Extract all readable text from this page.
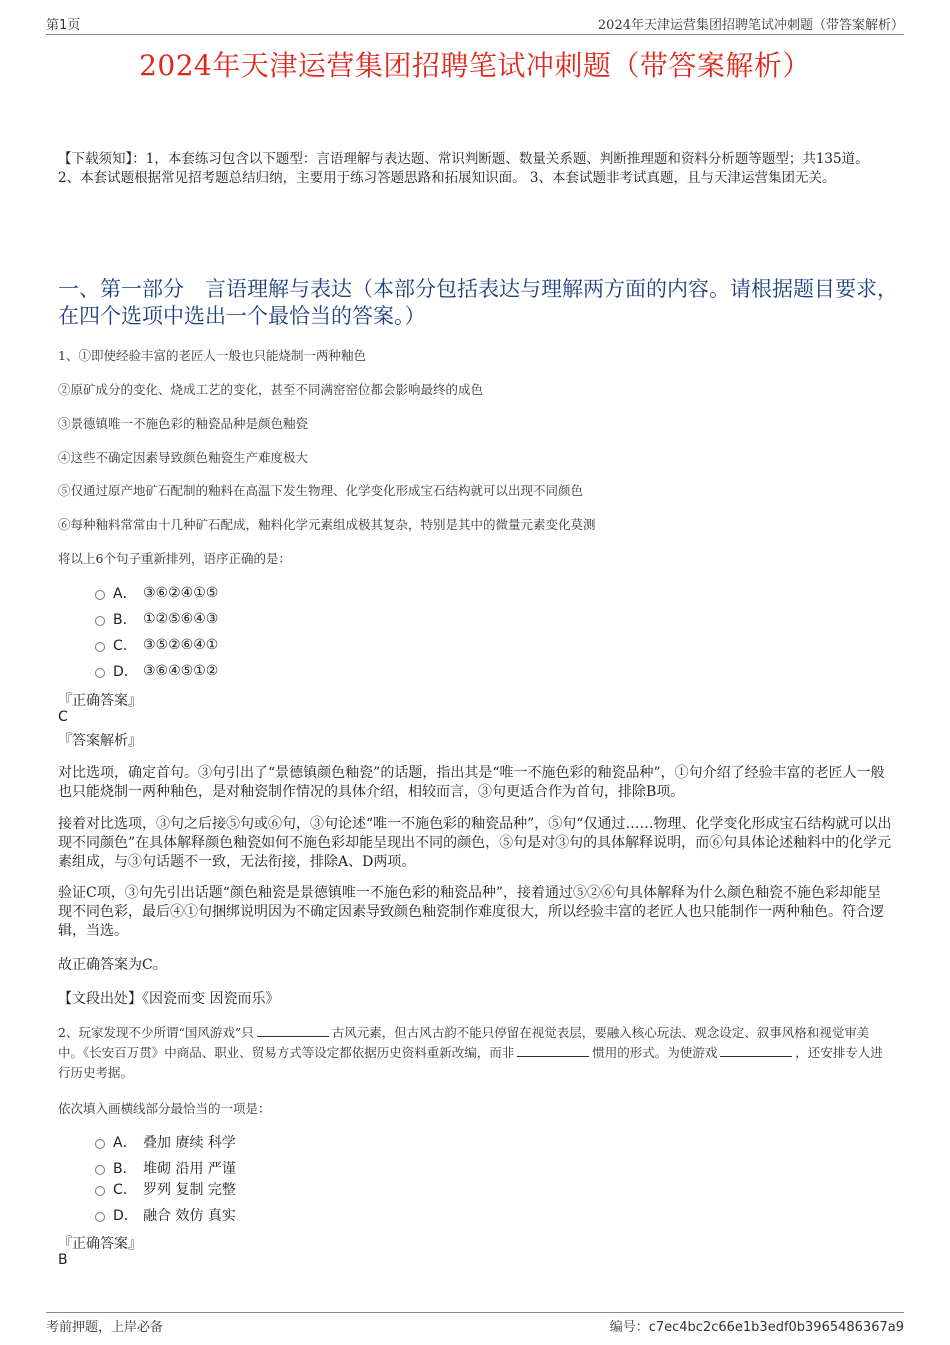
第1页	2024年天津运营集团招聘笔试冲刺题（带答案解析）
2024年天津运营集团招聘笔试冲刺题（带答案解析）
【下载须知】：1，本套练习包含以下题型：言语理解与表达题、常识判断题、数量关系题、判断推理题和资料分析题等题型；共135道。 2、本套试题根据常见招考题总结归纳，主要用于练习答题思路和拓展知识面。 3、本套试题非考试真题，且与天津运营集团无关。
一、第一部分　言语理解与表达（本部分包括表达与理解两方面的内容。请根据题目要求，在四个选项中选出一个最恰当的答案。）
1、①即使经验丰富的老匠人一般也只能烧制一两种釉色
②原矿成分的变化、烧成工艺的变化，甚至不同满窑窑位都会影响最终的成色
③景德镇唯一不施色彩的釉瓷品种是颜色釉瓷
④这些不确定因素导致颜色釉瓷生产难度极大
⑤仅通过原产地矿石配制的釉料在高温下发生物理、化学变化形成宝石结构就可以出现不同颜色
⑥每种釉料常常由十几种矿石配成，釉料化学元素组成极其复杂，特别是其中的微量元素变化莫测
将以上6个句子重新排列，语序正确的是：
A． ③⑥②④①⑤
B． ①②⑤⑥④③
C． ③⑤②⑥④①
D． ③⑥④⑤①②
『正确答案』
C
『答案解析』
对比选项，确定首句。③句引出了“景德镇颜色釉瓷”的话题，指出其是“唯一不施色彩的釉瓷品种”，①句介绍了经验丰富的老匠人一般也只能烧制一两种釉色，是对釉瓷制作情况的具体介绍，相较而言，③句更适合作为首句，排除B项。
接着对比选项，③句之后接⑤句或⑥句，③句论述“唯一不施色彩的釉瓷品种”，⑤句“仅通过……物理、化学变化形成宝石结构就可以出现不同颜色”在具体解释颜色釉瓷如何不施色彩却能呈现出不同的颜色，⑤句是对③句的具体解释说明，而⑥句具体论述釉料中的化学元素组成，与③句话题不一致，无法衔接，排除A、D两项。
验证C项，③句先引出话题“颜色釉瓷是景德镇唯一不施色彩的釉瓷品种”，接着通过⑤②⑥句具体解释为什么颜色釉瓷不施色彩却能呈现不同色彩，最后④①句捆绑说明因为不确定因素导致颜色釉瓷制作难度很大，所以经验丰富的老匠人也只能制作一两种釉色。符合逻辑，当选。
故正确答案为C。
【文段出处】《因瓷而变 因瓷而乐》
2、玩家发现不少所谓“国风游戏”只	古风元素，但古风古韵不能只停留在视觉表层，要融入核心玩法、观念设定、叙事风格和视觉审美中。《长安百万贯》中商品、职业、贸易方式等设定都依据历史资料重新改编，而非	惯用的形式。为使游戏	，还安排专人进行历史考据。
依次填入画横线部分最恰当的一项是：
A． 叠加 赓续 科学
B． 堆砌 沿用 严谨
C． 罗列 复制 完整
D． 融合 效仿 真实
『正确答案』
B
考前押题，上岸必备	编号：c7ec4bc2c66e1b3edf0b3965486367a9
